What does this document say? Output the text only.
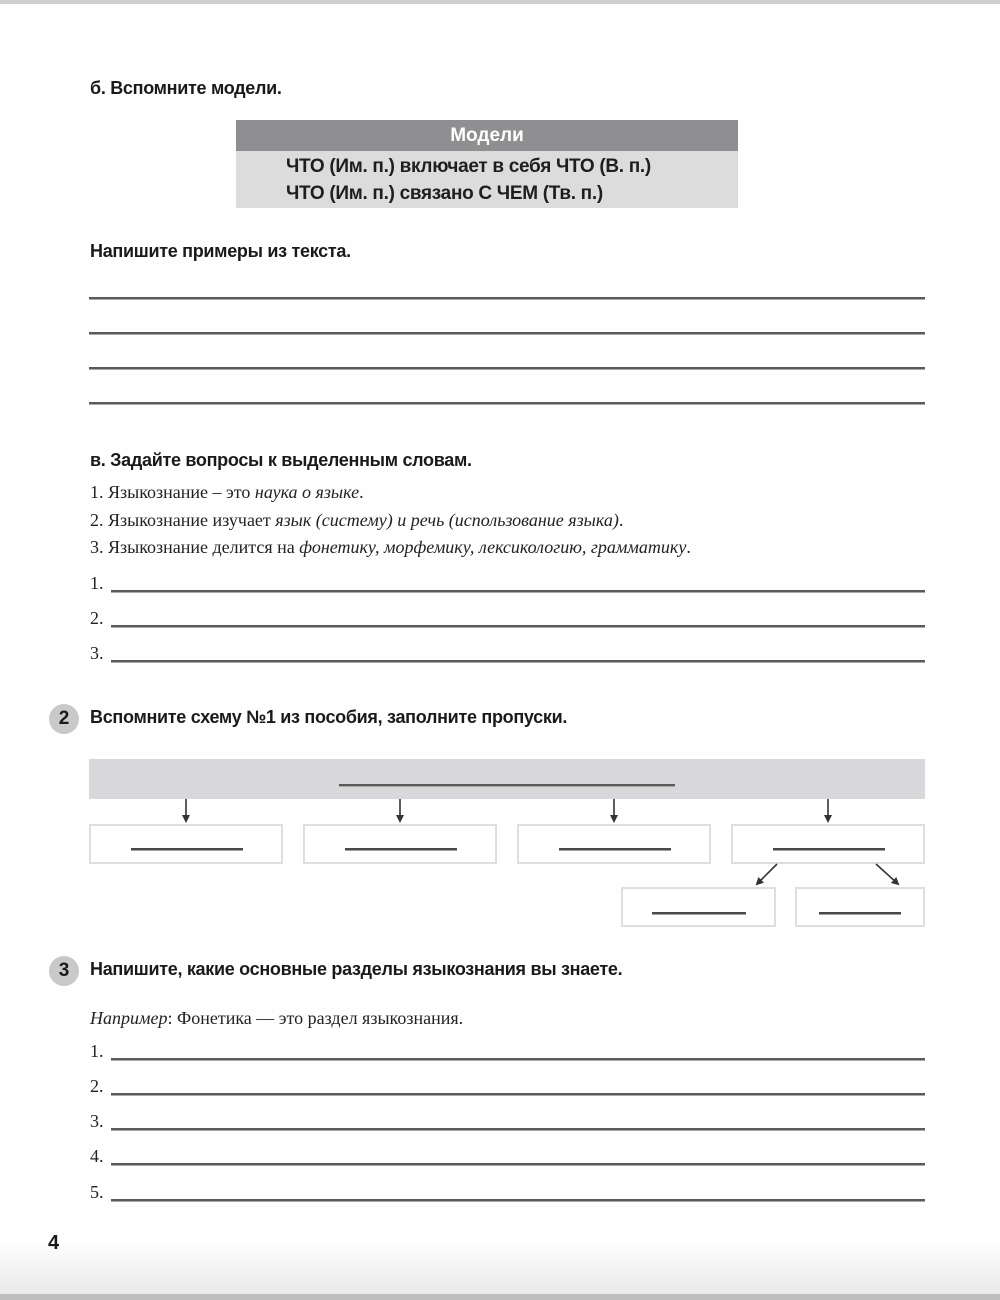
б. Вспомните модели.
Модели
ЧТО (Им. п.) включает в себя ЧТО (В. п.)
ЧТО (Им. п.) связано С ЧЕМ (Тв. п.)
Напишите примеры из текста.
в. Задайте вопросы к выделенным словам.
1. Языкознание – это наука о языке.
2. Языкознание изучает язык (систему) и речь (использование языка).
3. Языкознание делится на фонетику, морфемику, лексикологию, грамматику.
1.
2.
3.
2	Вспомните схему №1 из пособия, заполните пропуски.
3	Напишите, какие основные разделы языкознания вы знаете.
Например: Фонетика — это раздел языкознания.
1.
2.
3.
4.
5.
4
